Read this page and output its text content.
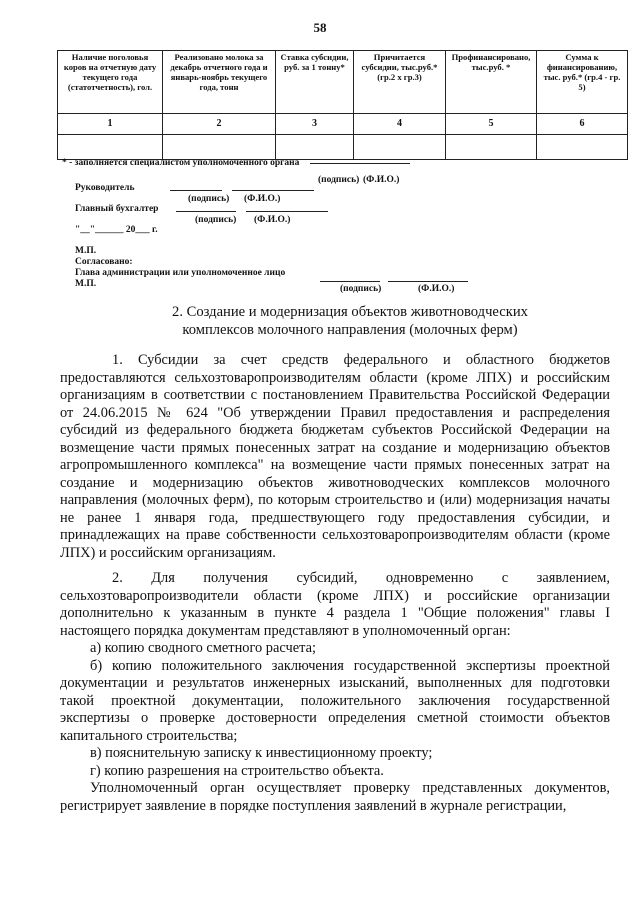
58
Наличие поголовья коров на отчетную дату текущего года (статотчетность), гол.	Реализовано молока за декабрь отчетного года и январь-ноябрь текущего года, тонн	Ставка субсидии, руб. за 1 тонну*	Причитается субсидии, тыс.руб.* (гр.2 х гр.3)	Профинансировано, тыс.руб. *	Сумма к финансированию, тыс. руб.* (гр.4 - гр. 5)
1	2	3	4	5	6

* - заполняется специалистом уполномоченного органа
(подпись) (Ф.И.О.)
Руководитель
(подпись) (Ф.И.О.)
Главный бухгалтер
(подпись) (Ф.И.О.)
"__"______ 20___ г.
М.П.
Согласовано:
Глава администрации или уполномоченное лицо
М.П.	(подпись)	(Ф.И.О.)
2. Создание и модернизация объектов животноводческих
комплексов молочного направления (молочных ферм)

1. Субсидии за счет средств федерального и областного бюджетов предоставляются сельхозтоваропроизводителям области (кроме ЛПХ) и российским организациям в соответствии с постановлением Правительства Российской Федерации от 24.06.2015 № 624 "Об утверждении Правил предоставления и распределения субсидий из федерального бюджета бюджетам субъектов Российской Федерации на возмещение части прямых понесенных затрат на создание и модернизацию объектов агропромышленного комплекса" на возмещение части прямых понесенных затрат на создание и модернизацию объектов животноводческих комплексов молочного направления (молочных ферм), по которым строительство и (или) модернизация начаты не ранее 1 января года, предшествующего году предоставления субсидии, и принадлежащих на праве собственности сельхозтоваропроизводителям области (кроме ЛПХ) и российским организациям.

2. Для получения субсидий, одновременно с заявлением, сельхозтоваропроизводители области (кроме ЛПХ) и российские организации дополнительно к указанным в пункте 4 раздела 1 "Общие положения" главы I настоящего порядка документам представляют в уполномоченный орган:

а) копию сводного сметного расчета;

б) копию положительного заключения государственной экспертизы проектной документации и результатов инженерных изысканий, выполненных для подготовки такой проектной документации, положительного заключения государственной экспертизы о проверке достоверности определения сметной стоимости объектов капитального строительства;

в) пояснительную записку к инвестиционному проекту;

г) копию разрешения на строительство объекта.

Уполномоченный орган осуществляет проверку представленных документов, регистрирует заявление в порядке поступления заявлений в журнале регистрации,
